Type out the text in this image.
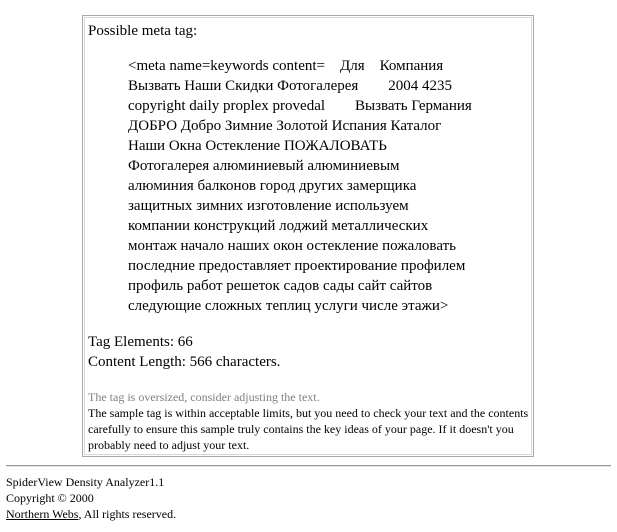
Possible meta tag:
<meta name=keywords content=    Для    Компания
Вызвать Наши Скидки Фотогалерея        2004 4235
copyright daily proplex provedal        Вызвать Германия
ДОБРО Добро Зимние Золотой Испания Каталог
Наши Окна Остекление ПОЖАЛОВАТЬ
Фотогалерея алюминиевый алюминиевым
алюминия балконов город других замерщика
защитных зимних изготовление используем
компании конструкций лоджий металлических
монтаж начало наших окон остекление пожаловать
последние предоставляет проектирование профилем
профиль работ решеток садов сады сайт сайтов
следующие сложных теплиц услуги числе этажи>
Tag Elements: 66
Content Length: 566 characters.
The tag is oversized, consider adjusting the text.
The sample tag is within acceptable limits, but you need to check your text and the contents carefully to ensure this sample truly contains the key ideas of your page. If it doesn't you probably need to adjust your text.
SpiderView Density Analyzer1.1
Copyright © 2000
Northern Webs, All rights reserved.
